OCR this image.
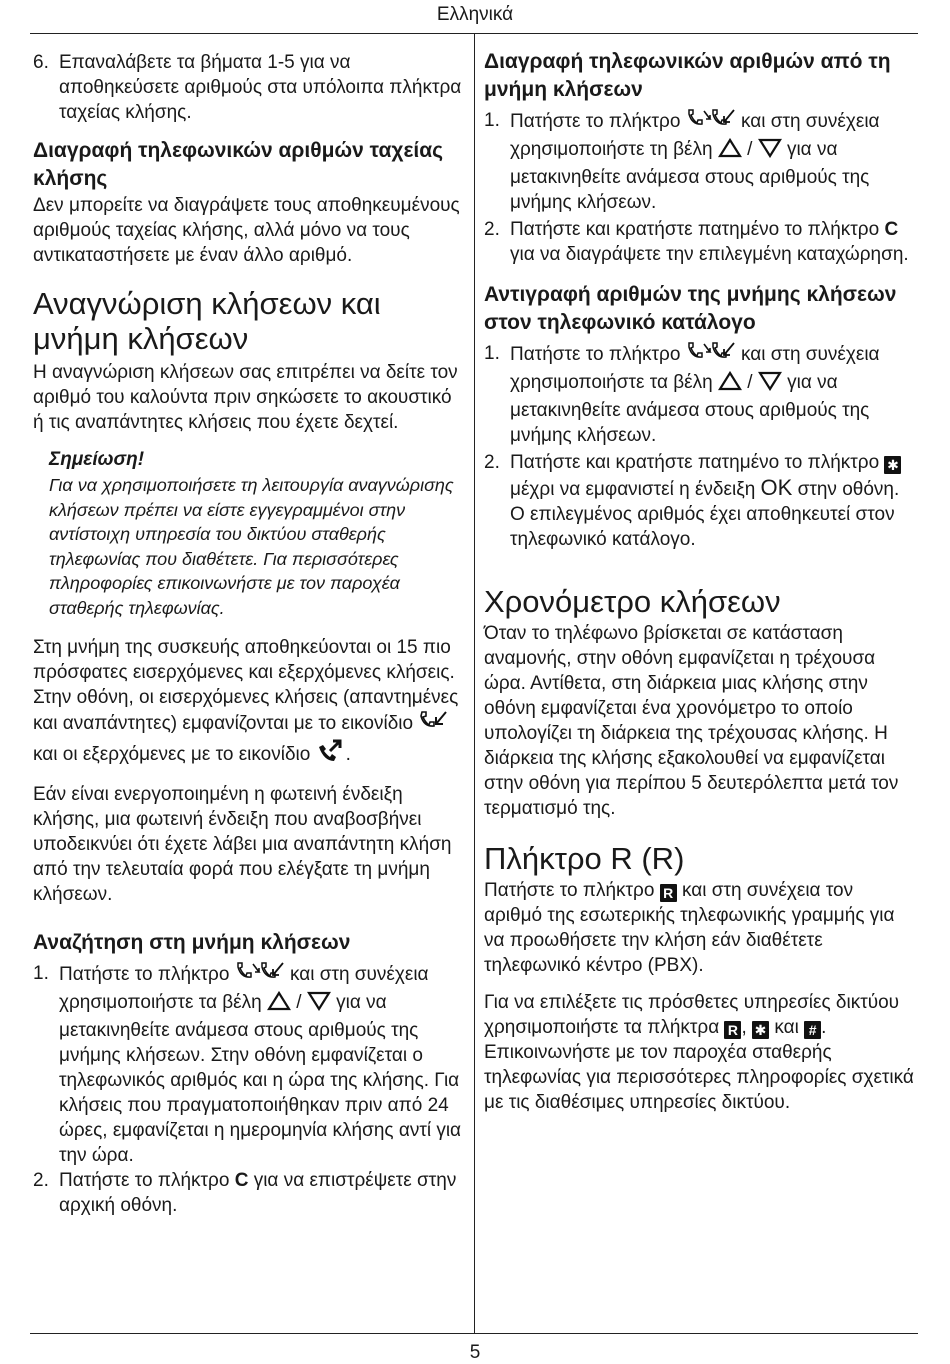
Ελληνικά
5
6. Επαναλάβετε τα βήματα 1-5 για να αποθηκεύσετε αριθμούς στα υπόλοιπα πλήκτρα ταχείας κλήσης.
Διαγραφή τηλεφωνικών αριθμών ταχείας κλήσης

Δεν μπορείτε να διαγράψετε τους αποθηκευμένους αριθμούς ταχείας κλήσης, αλλά μόνο να τους αντικαταστήσετε με έναν άλλο αριθμό.

Αναγνώριση κλήσεων και μνήμη κλήσεων

Η αναγνώριση κλήσεων σας επιτρέπει να δείτε τον αριθμό του καλούντα πριν σηκώσετε το ακουστικό ή τις αναπάντητες κλήσεις που έχετε δεχτεί.

Σημείωση!
Για να χρησιμοποιήσετε τη λειτουργία αναγνώρισης κλήσεων πρέπει να είστε εγγεγραμμένοι στην αντίστοιχη υπηρεσία του δικτύου σταθερής τηλεφωνίας που διαθέτετε. Για περισσότερες πληροφορίες επικοινωνήστε με τον παροχέα σταθερής τηλεφωνίας.

Στη μνήμη της συσκευής αποθηκεύονται οι 15 πιο πρόσφατες εισερχόμενες και εξερχόμενες κλήσεις. Στην οθόνη, οι εισερχόμενες κλήσεις (απαντημένες και αναπάντητες) εμφανίζονται με το εικονίδιο  και οι εξερχόμενες με το εικονίδιο .

Εάν είναι ενεργοποιημένη η φωτεινή ένδειξη κλήσης, μια φωτεινή ένδειξη που αναβοσβήνει υποδεικνύει ότι έχετε λάβει μια αναπάντητη κλήση από την τελευταία φορά που ελέγξατε τη μνήμη κλήσεων.

Αναζήτηση στη μνήμη κλήσεων
1. Πατήστε το πλήκτρο	και στη συνέχεια χρησιμοποιήστε τα βέλη  /  για να μετακινηθείτε ανάμεσα στους αριθμούς της μνήμης κλήσεων. Στην οθόνη εμφανίζεται ο τηλεφωνικός αριθμός και η ώρα της κλήσης. Για κλήσεις που πραγματοποιήθηκαν πριν από 24 ώρες, εμφανίζεται η ημερομηνία κλήσης αντί για την ώρα.
2. Πατήστε το πλήκτρο C για να επιστρέψετε στην αρχική οθόνη.
Διαγραφή τηλεφωνικών αριθμών από τη μνήμη κλήσεων
1. Πατήστε το πλήκτρο	και στη συνέχεια χρησιμοποιήστε τη βέλη  /  για να μετακινηθείτε ανάμεσα στους αριθμούς της μνήμης κλήσεων.
2. Πατήστε και κρατήστε πατημένο το πλήκτρο C για να διαγράψετε την επιλεγμένη καταχώρηση.
Αντιγραφή αριθμών της μνήμης κλήσεων στον τηλεφωνικό κατάλογο
1. Πατήστε το πλήκτρο	και στη συνέχεια χρησιμοποιήστε τα βέλη  /  για να μετακινηθείτε ανάμεσα στους αριθμούς της μνήμης κλήσεων.
2. Πατήστε και κρατήστε πατημένο το πλήκτρο ✱ μέχρι να εμφανιστεί η ένδειξη OK στην οθόνη. Ο επιλεγμένος αριθμός έχει αποθηκευτεί στον τηλεφωνικό κατάλογο.
Χρονόμετρο κλήσεων

Όταν το τηλέφωνο βρίσκεται σε κατάσταση αναμονής, στην οθόνη εμφανίζεται η τρέχουσα ώρα. Αντίθετα, στη διάρκεια μιας κλήσης στην οθόνη εμφανίζεται ένα χρονόμετρο το οποίο υπολογίζει τη διάρκεια της τρέχουσας κλήσης. Η διάρκεια της κλήσης εξακολουθεί να εμφανίζεται στην οθόνη για περίπου 5 δευτερόλεπτα μετά τον τερματισμό της.

Πλήκτρο R (R)

Πατήστε το πλήκτρο R και στη συνέχεια τον αριθμό της εσωτερικής τηλεφωνικής γραμμής για να προωθήσετε την κλήση εάν διαθέτετε τηλεφωνικό κέντρο (PBX).

Για να επιλέξετε τις πρόσθετες υπηρεσίες δικτύου χρησιμοποιήστε τα πλήκτρα R , ✱ και # . Επικοινωνήστε με τον παροχέα σταθερής τηλεφωνίας για περισσότερες πληροφορίες σχετικά με τις διαθέσιμες υπηρεσίες δικτύου.
